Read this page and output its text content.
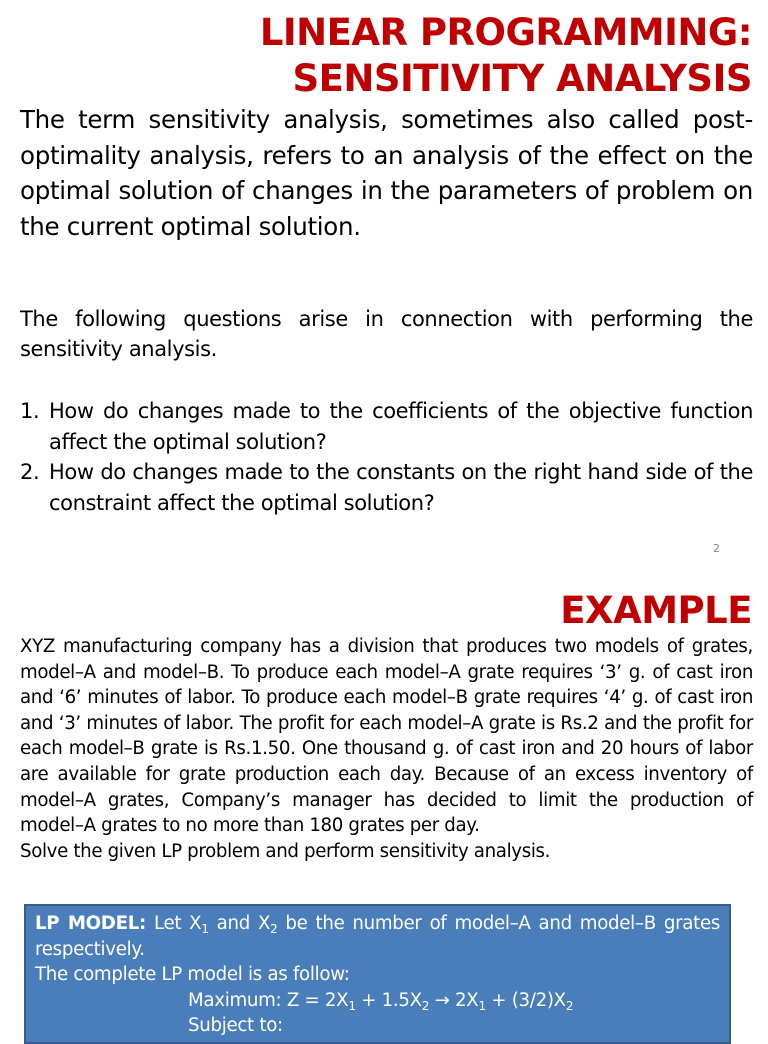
LINEAR PROGRAMMING:
SENSITIVITY ANALYSIS
The term sensitivity analysis, sometimes also called post-optimality analysis, refers to an analysis of the effect on the optimal solution of changes in the parameters of problem on the current optimal solution.
The following questions arise in connection with performing the sensitivity analysis.
1. How do changes made to the coefficients of the objective function affect the optimal solution?
2. How do changes made to the constants on the right hand side of the constraint affect the optimal solution?
2
EXAMPLE

XYZ manufacturing company has a division that produces two models of grates, model–A and model–B. To produce each model–A grate requires ‘3’ g. of cast iron and ‘6’ minutes of labor. To produce each model–B grate requires ‘4’ g. of cast iron and ‘3’ minutes of labor. The profit for each model–A grate is Rs.2 and the profit for each model–B grate is Rs.1.50. One thousand g. of cast iron and 20 hours of labor are available for grate production each day. Because of an excess inventory of model–A grates, Company’s manager has decided to limit the production of model–A grates to no more than 180 grates per day.

Solve the given LP problem and perform sensitivity analysis.

LP MODEL: Let $X_1$ and $X_2$ be the number of model–A and model–B grates respectively.

The complete LP model is as follow:

Maximum: $Z = 2X_1 + 1.5X_2 \to 2X_1 + (3/2)X_2$

Subject to:
